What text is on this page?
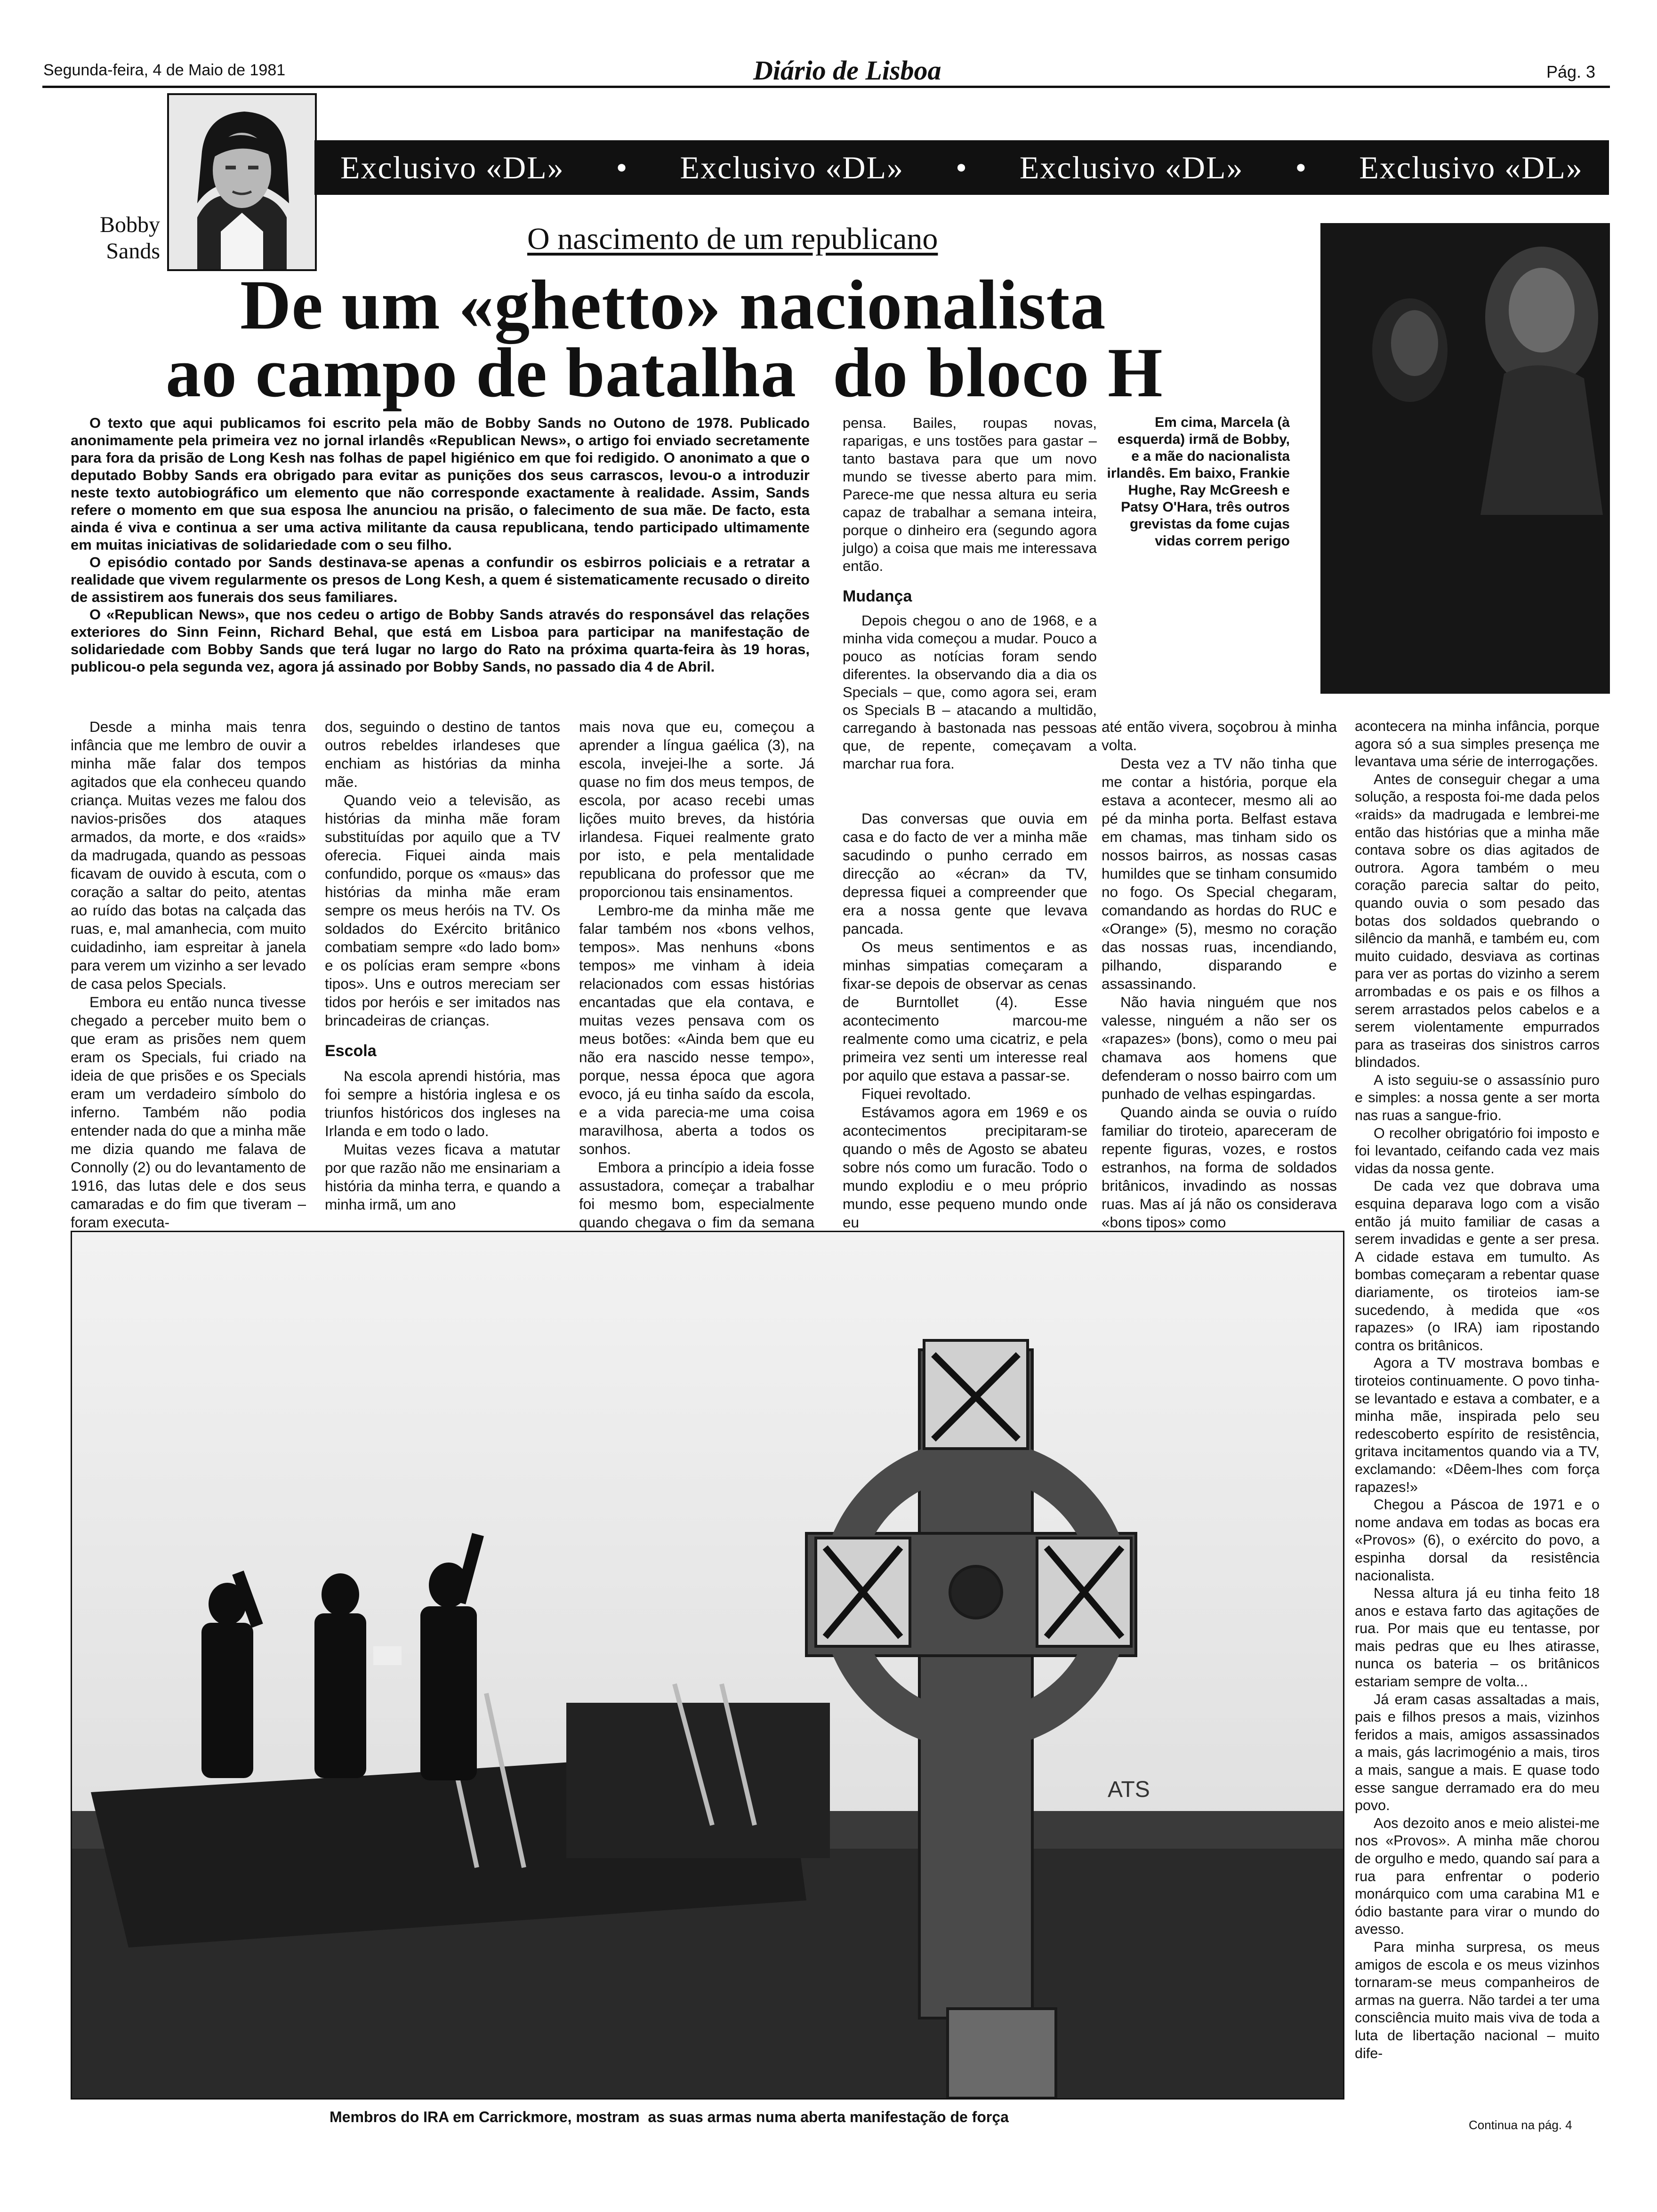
Segunda-feira, 4 de Maio de 1981	Diário de Lisboa	Pág. 3
Bobby
Sands
Exclusivo «DL» • Exclusivo «DL» • Exclusivo «DL» • Exclusivo «DL»
O nascimento de um republicano
De um «ghetto» nacionalista
ao campo de batalha  do bloco H

O texto que aqui publicamos foi escrito pela mão de Bobby Sands no Outono de 1978. Publicado anonimamente pela primeira vez no jornal irlandês «Republican News», o artigo foi enviado secretamente para fora da prisão de Long Kesh nas folhas de papel higiénico em que foi redigido. O anonimato a que o deputado Bobby Sands era obrigado para evitar as punições dos seus carrascos, levou-o a introduzir neste texto autobiográfico um elemento que não corresponde exactamente à realidade. Assim, Sands refere o momento em que sua esposa lhe anunciou na prisão, o falecimento de sua mãe. De facto, esta ainda é viva e continua a ser uma activa militante da causa republicana, tendo participado ultimamente em muitas iniciativas de solidariedade com o seu filho.

O episódio contado por Sands destinava-se apenas a confundir os esbirros policiais e a retratar a realidade que vivem regularmente os presos de Long Kesh, a quem é sistematicamente recusado o direito de assistirem aos funerais dos seus familiares.

O «Republican News», que nos cedeu o artigo de Bobby Sands através do responsável das relações exteriores do Sinn Feinn, Richard Behal, que está em Lisboa para participar na manifestação de solidariedade com Bobby Sands que terá lugar no largo do Rato na próxima quarta-feira às 19 horas, publicou-o pela segunda vez, agora já assinado por Bobby Sands, no passado dia 4 de Abril.

pensa. Bailes, roupas novas, raparigas, e uns tostões para gastar – tanto bastava para que um novo mundo se tivesse aberto para mim. Parece-me que nessa altura eu seria capaz de trabalhar a semana inteira, porque o dinheiro era (segundo agora julgo) a coisa que mais me interessava então.

Mudança

Depois chegou o ano de 1968, e a minha vida começou a mudar. Pouco a pouco as notícias foram sendo diferentes. Ia observando dia a dia os Specials – que, como agora sei, eram os Specials B – atacando a multidão, carregando à bastonada nas pessoas que, de repente, começavam a marchar rua fora.

Em cima, Marcela (à esquerda) irmã de Bobby, e a mãe do nacionalista irlandês. Em baixo, Frankie Hughe, Ray McGreesh e Patsy O'Hara, três outros grevistas da fome cujas vidas correm perigo

Desde a minha mais tenra infância que me lembro de ouvir a minha mãe falar dos tempos agitados que ela conheceu quando criança. Muitas vezes me falou dos navios-prisões dos ataques armados, da morte, e dos «raids» da madrugada, quando as pessoas ficavam de ouvido à escuta, com o coração a saltar do peito, atentas ao ruído das botas na calçada das ruas, e, mal amanhecia, com muito cuidadinho, iam espreitar à janela para verem um vizinho a ser levado de casa pelos Specials.

Embora eu então nunca tivesse chegado a perceber muito bem o que eram as prisões nem quem eram os Specials, fui criado na ideia de que prisões e os Specials eram um verdadeiro símbolo do inferno. Também não podia entender nada do que a minha mãe me dizia quando me falava de Connolly (2) ou do levantamento de 1916, das lutas dele e dos seus camaradas e do fim que tiveram – foram executa-

dos, seguindo o destino de tantos outros rebeldes irlandeses que enchiam as histórias da minha mãe.

Quando veio a televisão, as histórias da minha mãe foram substituídas por aquilo que a TV oferecia. Fiquei ainda mais confundido, porque os «maus» das histórias da minha mãe eram sempre os meus heróis na TV. Os soldados do Exército britânico combatiam sempre «do lado bom» e os polícias eram sempre «bons tipos». Uns e outros mereciam ser tidos por heróis e ser imitados nas brincadeiras de crianças.

Escola

Na escola aprendi história, mas foi sempre a história inglesa e os triunfos históricos dos ingleses na Irlanda e em todo o lado.

Muitas vezes ficava a matutar por que razão não me ensinariam a história da minha terra, e quando a minha irmã, um ano

mais nova que eu, começou a aprender a língua gaélica (3), na escola, invejei-lhe a sorte. Já quase no fim dos meus tempos, de escola, por acaso recebi umas lições muito breves, da história irlandesa. Fiquei realmente grato por isto, e pela mentalidade republicana do professor que me proporcionou tais ensinamentos.

Lembro-me da minha mãe me falar também nos «bons velhos, tempos». Mas nenhuns «bons tempos» me vinham à ideia relacionados com essas histórias encantadas que ela contava, e muitas vezes pensava com os meus botões: «Ainda bem que eu não era nascido nesse tempo», porque, nessa época que agora evoco, já eu tinha saído da escola, e a vida parecia-me uma coisa maravilhosa, aberta a todos os sonhos.

Embora a princípio a ideia fosse assustadora, começar a trabalhar foi mesmo bom, especialmente quando chegava o fim da semana

Das conversas que ouvia em casa e do facto de ver a minha mãe sacudindo o punho cerrado em direcção ao «écran» da TV, depressa fiquei a compreender que era a nossa gente que levava pancada.

Os meus sentimentos e as minhas simpatias começaram a fixar-se depois de observar as cenas de Burntollet (4). Esse acontecimento marcou-me realmente como uma cicatriz, e pela primeira vez senti um interesse real por aquilo que estava a passar-se.

Fiquei revoltado.

Estávamos agora em 1969 e os acontecimentos precipitaram-se quando o mês de Agosto se abateu sobre nós como um furacão. Todo o mundo explodiu e o meu próprio mundo, esse pequeno mundo onde eu

até então vivera, soçobrou à minha volta.

Desta vez a TV não tinha que me contar a história, porque ela estava a acontecer, mesmo ali ao pé da minha porta. Belfast estava em chamas, mas tinham sido os nossos bairros, as nossas casas humildes que se tinham consumido no fogo. Os Special chegaram, comandando as hordas do RUC e «Orange» (5), mesmo no coração das nossas ruas, incendiando, pilhando, disparando e assassinando.

Não havia ninguém que nos valesse, ninguém a não ser os «rapazes» (bons), como o meu pai chamava aos homens que defenderam o nosso bairro com um punhado de velhas espingardas.

Quando ainda se ouvia o ruído familiar do tiroteio, apareceram de repente figuras, vozes, e rostos estranhos, na forma de soldados britânicos, invadindo as nossas ruas. Mas aí já não os considerava «bons tipos» como

acontecera na minha infância, porque agora só a sua simples presença me levantava uma série de interrogações.

Antes de conseguir chegar a uma solução, a resposta foi-me dada pelos «raids» da madrugada e lembrei-me então das histórias que a minha mãe contava sobre os dias agitados de outrora. Agora também o meu coração parecia saltar do peito, quando ouvia o som pesado das botas dos soldados quebrando o silêncio da manhã, e também eu, com muito cuidado, desviava as cortinas para ver as portas do vizinho a serem arrombadas e os pais e os filhos a serem arrastados pelos cabelos e a serem violentamente empurrados para as traseiras dos sinistros carros blindados.

A isto seguiu-se o assassínio puro e simples: a nossa gente a ser morta nas ruas a sangue-frio.

O recolher obrigatório foi imposto e foi levantado, ceifando cada vez mais vidas da nossa gente.

De cada vez que dobrava uma esquina deparava logo com a visão então já muito familiar de casas a serem invadidas e gente a ser presa. A cidade estava em tumulto. As bombas começaram a rebentar quase diariamente, os tiroteios iam-se sucedendo, à medida que «os rapazes» (o IRA) iam ripostando contra os britânicos.

Agora a TV mostrava bombas e tiroteios continuamente. O povo tinha-se levantado e estava a combater, e a minha mãe, inspirada pelo seu redescoberto espírito de resistência, gritava incitamentos quando via a TV, exclamando: «Dêem-lhes com força rapazes!»

Chegou a Páscoa de 1971 e o nome andava em todas as bocas era «Provos» (6), o exército do povo, a espinha dorsal da resistência nacionalista.

Nessa altura já eu tinha feito 18 anos e estava farto das agitações de rua. Por mais que eu tentasse, por mais pedras que eu lhes atirasse, nunca os bateria – os britânicos estariam sempre de volta...

Já eram casas assaltadas a mais, pais e filhos presos a mais, vizinhos feridos a mais, amigos assassinados a mais, gás lacrimogénio a mais, tiros a mais, sangue a mais. E quase todo esse sangue derramado era do meu povo.

Aos dezoito anos e meio alistei-me nos «Provos». A minha mãe chorou de orgulho e medo, quando saí para a rua para enfrentar o poderio monárquico com uma carabina M1 e ódio bastante para virar o mundo do avesso.

Para minha surpresa, os meus amigos de escola e os meus vizinhos tornaram-se meus companheiros de armas na guerra. Não tardei a ter uma consciência muito mais viva de toda a luta de libertação nacional – muito dife-

ATS
Membros do IRA em Carrickmore, mostram  as suas armas numa aberta manifestação de força	Continua na pág. 4
